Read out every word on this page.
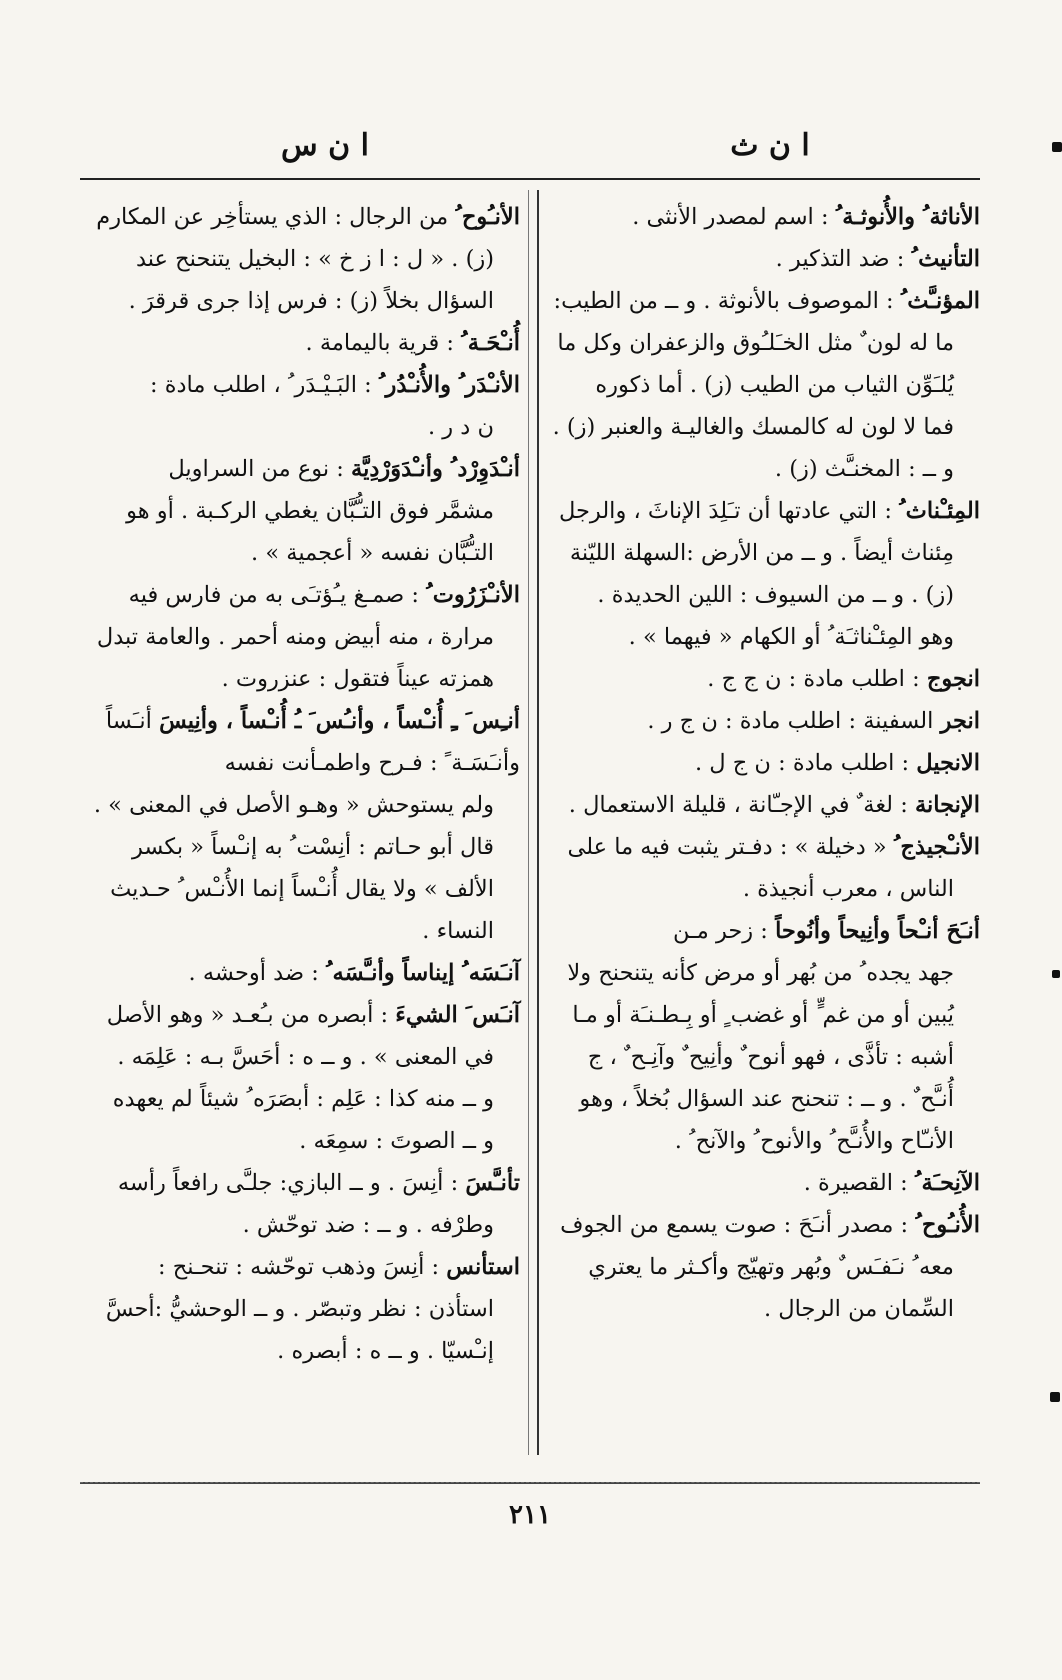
ا ن ث
ا ن س

الأناثة ُ والأُنوثـة ُ : اسم لمصدر الأنثى .

التأنيث ُ : ضد التذكير .

المؤنـَّث ُ : الموصوف بالأنوثة . و ــ من الطيب:

ما له لون ٌ مثل الخـَلـُوق والزعفران وكل ما

يُلـَوِّن الثياب من الطيب (ز) . أما ذكوره

فما لا لون له كالمسك والغاليـة والعنبر (ز) .

و ــ : المخنـَّث (ز) .

المِئـْناث ُ : التي عادتها أن تـَلِدَ الإناثَ ، والرجل

مِئناث أيضاً . و ــ من الأرض :السهلة الليّنة

(ز) . و ــ من السيوف : اللين الحديدة .

وهو المِئـْناثـَة ُ أو الكهام « فيهما » .

انجوج : اطلب مادة : ن ج ج .

انجر السفينة : اطلب مادة : ن ج ر .

الانجيل : اطلب مادة : ن ج ل .

الإنجانة : لغة ٌ في الإجـّانة ، قليلة الاستعمال .

الأنـْجيذج ُ « دخيلة » : دفـتر يثبت فيه ما على

الناس ، معرب أنجيذة .

أنـَحَ أنـْحاً وأنِيحاً وأنُوحاً : زحر مـن

جهد يجده ُ من بُهر أو مرض كأنه يتنحنح ولا

يُبين أو من غم ٍّ أو غضب ٍ أو بِـطـنـَة أو مـا

أشبه : تأذَّى ، فهو أنوح ٌ وأنِيح ٌ وآنِـح ٌ ، ج

أُنـَّح ٌ . و ــ : تنحنح عند السؤال بُخلاً ، وهو

الأنـّاح والأُنـَّح ُ والأنوح ُ والآنح ُ .

الآنِحـَة ُ : القصيرة .

الأُنـُوح ُ : مصدر أنـَحَ : صوت يسمع من الجوف

معه ُ نـَفـَس ٌ وبُهر وتهيّج وأكـثر ما يعتري

السِّمان من الرجال .

الأنـُوح ُ من الرجال : الذي يستأخِر عن المكارم

(ز) . « ل : ا ز خ » : البخيل يتنحنح عند

السؤال بخلاً (ز) : فرس إذا جرى قرقرَ .

أُنـْحَـة ُ : قرية باليمامة .

الأنـْدَر ُ والأُنـْدُر ُ : البَـيْـدَر ُ ، اطلب مادة :

ن د ر .

أنـْدَوِرْد ُ وأنـْدَوَرْدِيَّة : نوع من السراويل

مشمَّر فوق التـُّبَّان يغطي الركـبة . أو هو

التـُّبَّان نفسه « أعجمية » .

الأنـْزَرُوت ُ : صمـغ يـُؤتـَى به من فارس فيه

مرارة ، منه أبيض ومنه أحمر . والعامة تبدل

همزته عيناً فتقول : عنزروت .

أنـِس َ ـِ أُنـْساً ، وأنـُس َ ـُ أُنـْساً ، وأنِيسَ أنـَساً وأنـَسَـة ً : فـرح واطمـأنت نفسه

ولم يستوحش « وهـو الأصل في المعنى » .

قال أبو حـاتم : أنِسْت ُ به إنـْساً « بكسر

الألف » ولا يقال أُنـْساً إنما الأُنـْس ُ حـديث

النساء .

آنـَسَه ُ إيناساً وأنـَّسَه ُ : ضد أوحشه .

آنـَس َ الشيءَ : أبصره من بـُعـد « وهو الأصل

في المعنى » . و ــ ه : أحَسَّ بـه : عَلِمَه .

و ــ منه كذا : عَلِم : أبصَرَه ُ شيئاً لم يعهده

و ــ الصوتَ : سمِعَه .

تأنـَّسَ : أنِسَ . و ــ البازي: جلـَّى رافعاً رأسه

وطرْفه . و ــ : ضد توحّش .

استأنس : أنِسَ وذهب توحّشه : تنحـنح :

استأذن : نظر وتبصّر . و ــ الوحشيُّ :أحسَّ

إنـْسيّا . و ــ ه : أبصره .

٢١١
